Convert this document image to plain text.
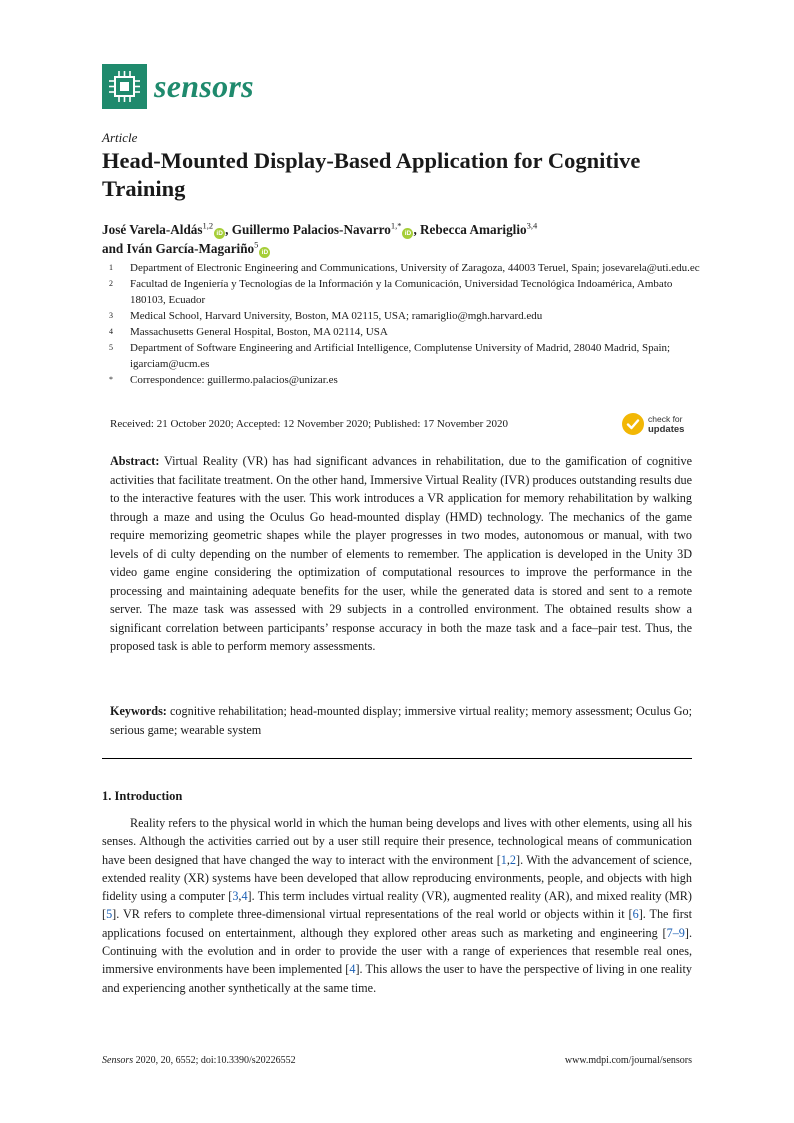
sensors
Article
Head-Mounted Display-Based Application for Cognitive Training
José Varela-Aldás$^{1,2}$iD , Guillermo Palacios-Navarro$^{1,*}$iD , Rebecca Amariglio$^{3,4}$
and Iván García-Magariño$^5$iD
1	Department of Electronic Engineering and Communications, University of Zaragoza, 44003 Teruel, Spain; josevarela@uti.edu.ec
2	Facultad de Ingeniería y Tecnologías de la Información y la Comunicación, Universidad Tecnológica Indoamérica, Ambato 180103, Ecuador
3	Medical School, Harvard University, Boston, MA 02115, USA; ramariglio@mgh.harvard.edu
4	Massachusetts General Hospital, Boston, MA 02114, USA
5	Department of Software Engineering and Artificial Intelligence, Complutense University of Madrid, 28040 Madrid, Spain; igarciam@ucm.es
*	Correspondence: guillermo.palacios@unizar.es
Received: 21 October 2020; Accepted: 12 November 2020; Published: 17 November 2020	check for
updates
Abstract: Virtual Reality (VR) has had significant advances in rehabilitation, due to the gamification of cognitive activities that facilitate treatment. On the other hand, Immersive Virtual Reality (IVR) produces outstanding results due to the interactive features with the user. This work introduces a VR application for memory rehabilitation by walking through a maze and using the Oculus Go head-mounted display (HMD) technology. The mechanics of the game require memorizing geometric shapes while the player progresses in two modes, autonomous or manual, with two levels of di culty depending on the number of elements to remember. The application is developed in the Unity 3D video game engine considering the optimization of computational resources to improve the performance in the processing and maintaining adequate benefits for the user, while the generated data is stored and sent to a remote server. The maze task was assessed with 29 subjects in a controlled environment. The obtained results show a significant correlation between participants’ response accuracy in both the maze task and a face–pair test. Thus, the proposed task is able to perform memory assessments.
Keywords: cognitive rehabilitation; head-mounted display; immersive virtual reality; memory assessment; Oculus Go; serious game; wearable system
1. Introduction
Reality refers to the physical world in which the human being develops and lives with other elements, using all his senses. Although the activities carried out by a user still require their presence, technological means of communication have been designed that have changed the way to interact with the environment [1,2]. With the advancement of science, extended reality (XR) systems have been developed that allow reproducing environments, people, and objects with high fidelity using a computer [3,4]. This term includes virtual reality (VR), augmented reality (AR), and mixed reality (MR) [5]. VR refers to complete three-dimensional virtual representations of the real world or objects within it [6]. The first applications focused on entertainment, although they explored other areas such as marketing and engineering [7–9]. Continuing with the evolution and in order to provide the user with a range of experiences that resemble real ones, immersive environments have been implemented [4]. This allows the user to have the perspective of living in one reality and experiencing another synthetically at the same time.
Sensors 2020, 20, 6552; doi:10.3390/s20226552	www.mdpi.com/journal/sensors
